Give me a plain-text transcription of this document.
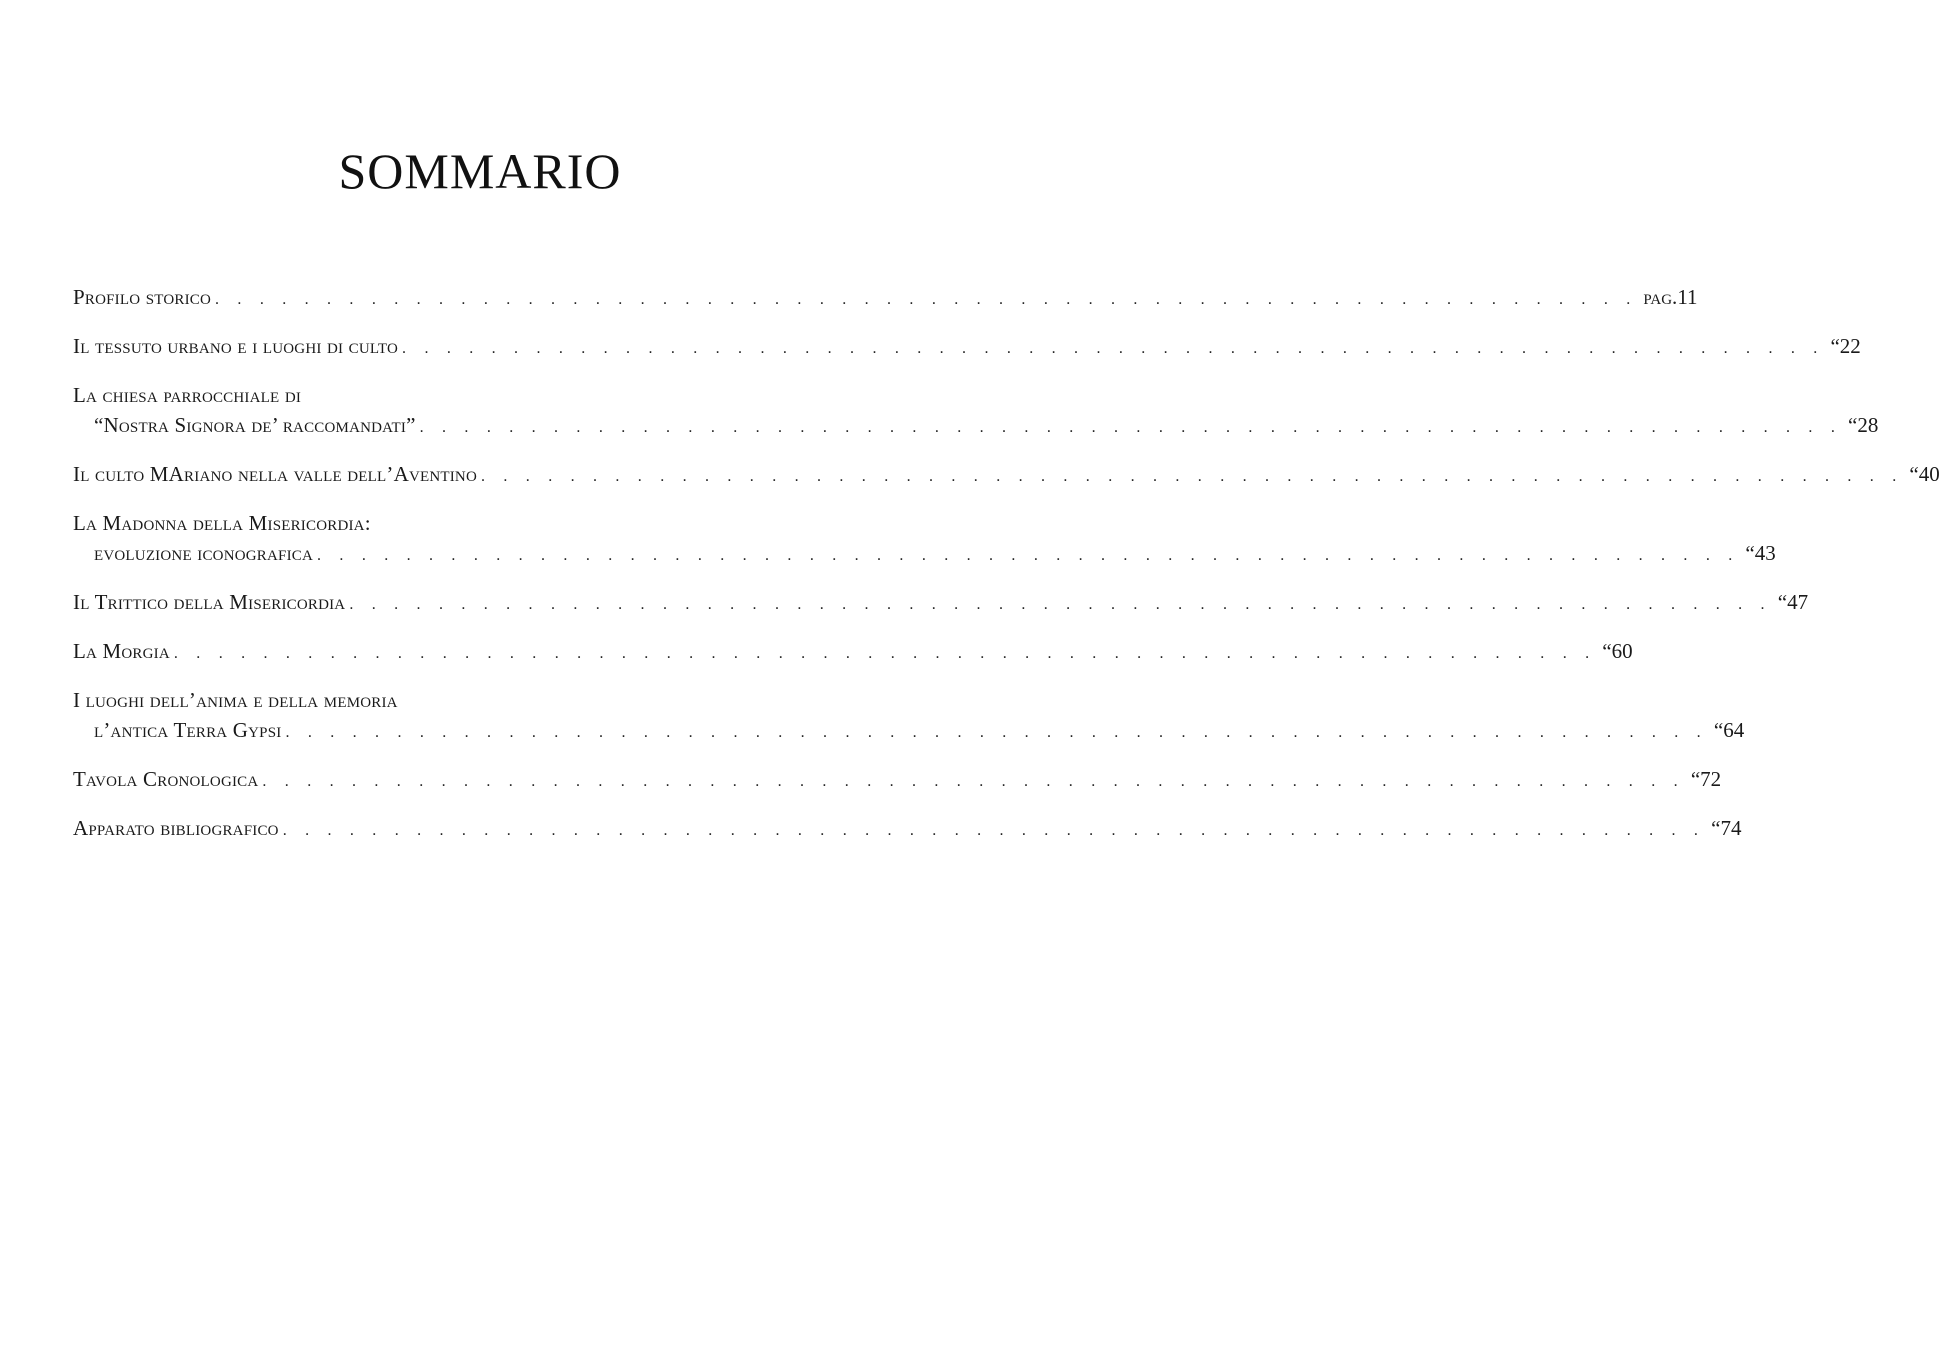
SOMMARIO
Profilo storico . . . . . . . . . . . . . . . . . . . . . . . . . . . . . . . . . . . . . . . . . . . . . . . . . . . . . . . . . . . . . . . . pag. 11
Il tessuto urbano e i luoghi di culto . . . . . . . . . . . . . . . . . . . . . . . . . . . . . . . . . . . . . . . . . . . . . . . . . . . . . . . . . . . . . . . . “ 22
La chiesa parrocchiale di
“Nostra Signora de’ raccomandati” . . . . . . . . . . . . . . . . . . . . . . . . . . . . . . . . . . . . . . . . . . . . . . . . . . . . . . . . . . . . . . . . “ 28
Il culto MAriano nella valle dell’Aventino . . . . . . . . . . . . . . . . . . . . . . . . . . . . . . . . . . . . . . . . . . . . . . . . . . . . . . . . . . . . . . . . “ 40
La Madonna della Misericordia:
evoluzione iconografica . . . . . . . . . . . . . . . . . . . . . . . . . . . . . . . . . . . . . . . . . . . . . . . . . . . . . . . . . . . . . . . . “ 43
Il Trittico della Misericordia . . . . . . . . . . . . . . . . . . . . . . . . . . . . . . . . . . . . . . . . . . . . . . . . . . . . . . . . . . . . . . . . “ 47
La Morgia . . . . . . . . . . . . . . . . . . . . . . . . . . . . . . . . . . . . . . . . . . . . . . . . . . . . . . . . . . . . . . . . “ 60
I luoghi dell’anima e della memoria
l’antica Terra Gypsi . . . . . . . . . . . . . . . . . . . . . . . . . . . . . . . . . . . . . . . . . . . . . . . . . . . . . . . . . . . . . . . . “ 64
Tavola Cronologica . . . . . . . . . . . . . . . . . . . . . . . . . . . . . . . . . . . . . . . . . . . . . . . . . . . . . . . . . . . . . . . . “ 72
Apparato bibliografico . . . . . . . . . . . . . . . . . . . . . . . . . . . . . . . . . . . . . . . . . . . . . . . . . . . . . . . . . . . . . . . . “ 74
